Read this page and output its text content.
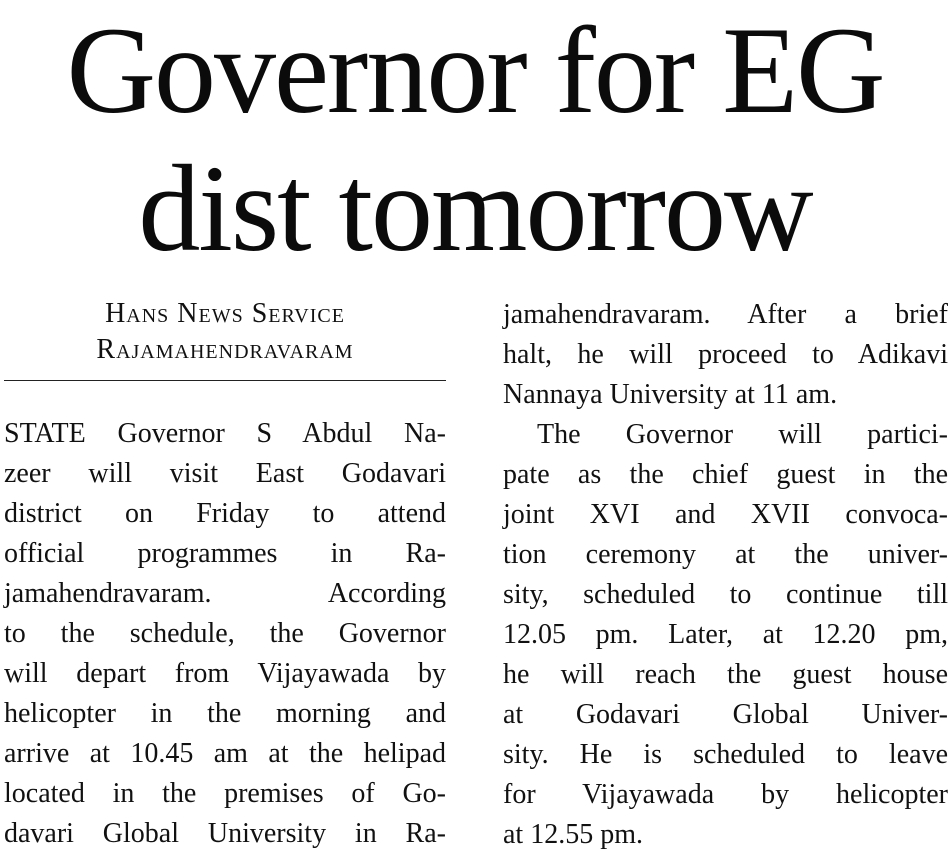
Governor for EG
dist tomorrow
Hans News Service
Rajamahendravaram
STATE Governor S Abdul Na-
zeer will visit East Godavari
district on Friday to attend
official programmes in Ra-
jamahendravaram. According
to the schedule, the Governor
will depart from Vijayawada by
helicopter in the morning and
arrive at 10.45 am at the helipad
located in the premises of Go-
davari Global University in Ra-
jamahendravaram. After a brief
halt, he will proceed to Adikavi
Nannaya University at 11 am.
The Governor will partici-
pate as the chief guest in the
joint XVI and XVII convoca-
tion ceremony at the univer-
sity, scheduled to continue till
12.05 pm. Later, at 12.20 pm,
he will reach the guest house
at Godavari Global Univer-
sity. He is scheduled to leave
for Vijayawada by helicopter
at 12.55 pm.
